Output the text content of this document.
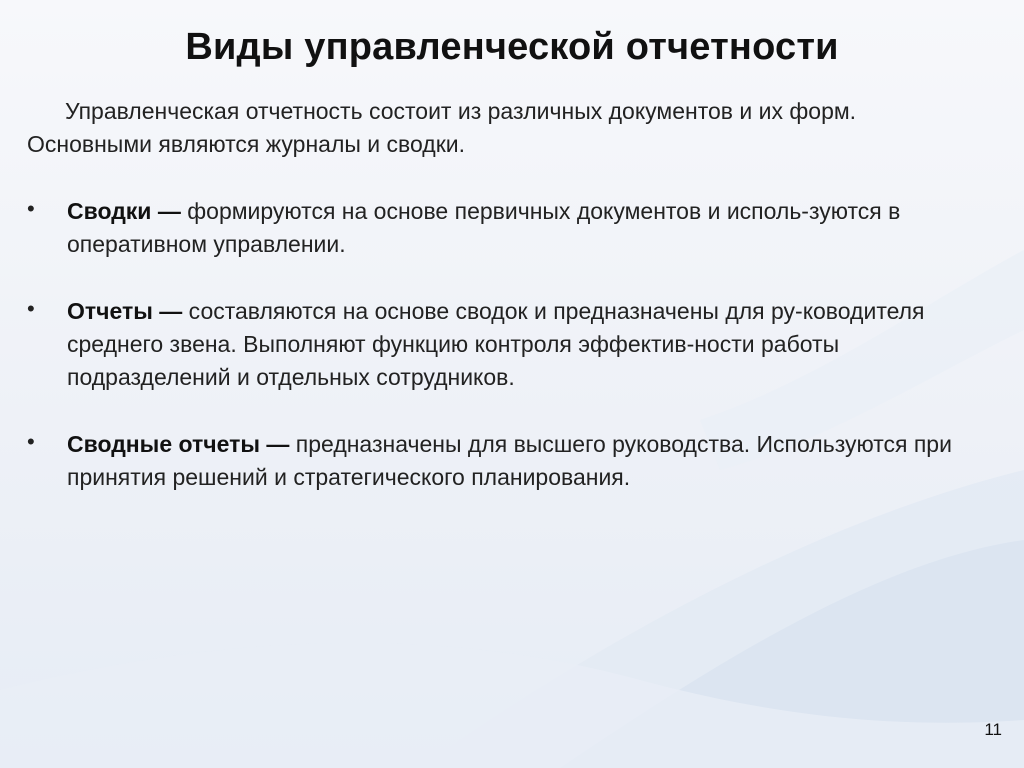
Виды управленческой отчетности
Управленческая отчетность состоит из различных документов и их форм. Основными являются журналы и сводки.
• Сводки — формируются на основе первичных документов и исполь-зуются в оперативном управлении.
• Отчеты — составляются на основе сводок и предназначены для ру-ководителя среднего звена. Выполняют функцию контроля эффектив-ности работы подразделений и отдельных сотрудников.
• Сводные отчеты — предназначены для высшего руководства. Используются при принятия решений и стратегического планирования.
11
